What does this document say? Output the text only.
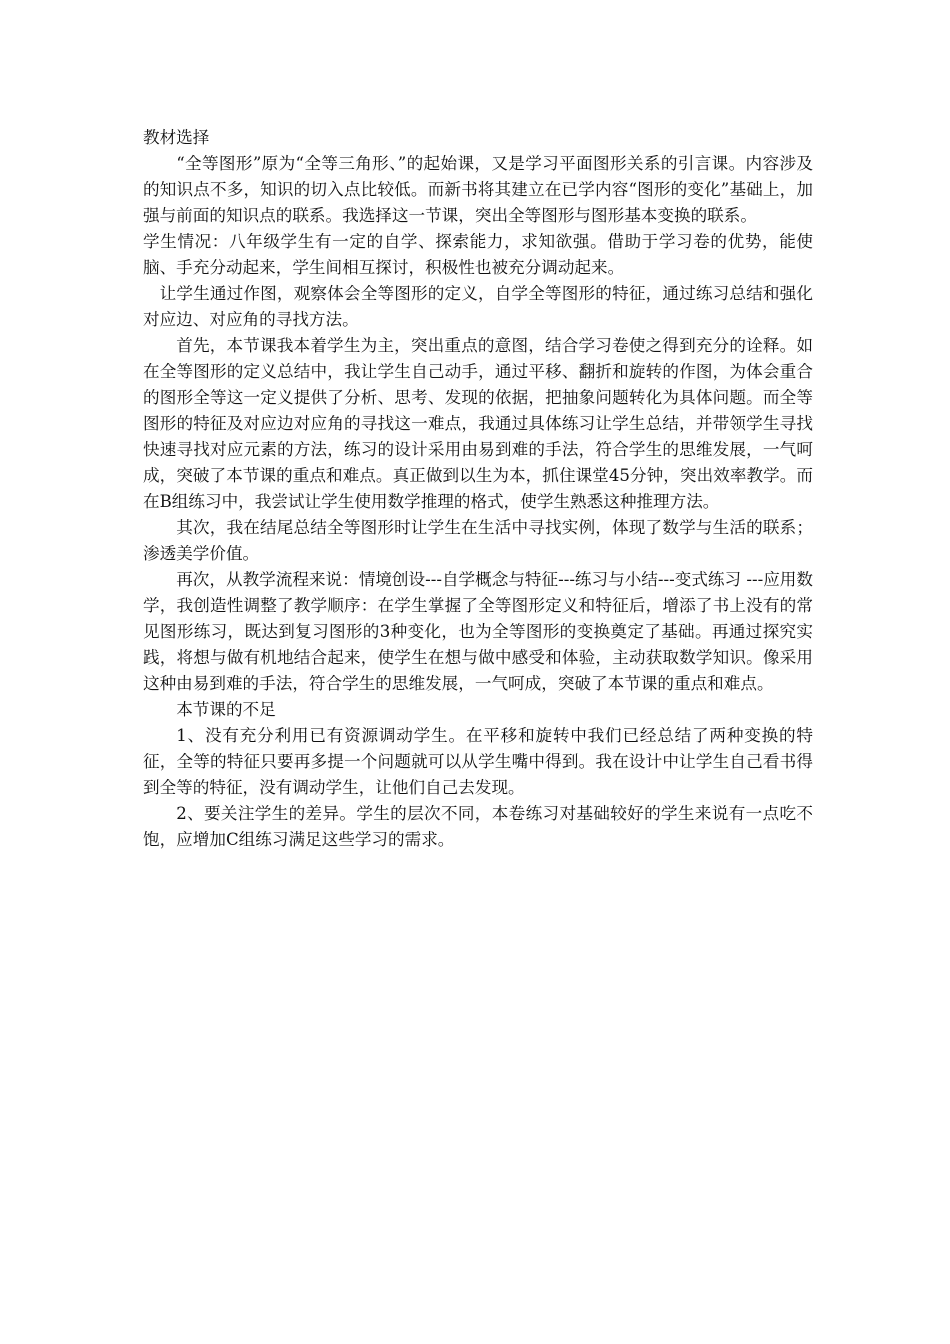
教材选择

“全等图形”原为“全等三角形、”的起始课，又是学习平面图形关系的引言课。内容涉及的知识点不多，知识的切入点比较低。而新书将其建立在已学内容“图形的变化”基础上，加强与前面的知识点的联系。我选择这一节课，突出全等图形与图形基本变换的联系。

学生情况：八年级学生有一定的自学、探索能力，求知欲强。借助于学习卷的优势，能使脑、手充分动起来，学生间相互探讨，积极性也被充分调动起来。

让学生通过作图，观察体会全等图形的定义，自学全等图形的特征，通过练习总结和强化对应边、对应角的寻找方法。

首先，本节课我本着学生为主，突出重点的意图，结合学习卷使之得到充分的诠释。如在全等图形的定义总结中，我让学生自己动手，通过平移、翻折和旋转的作图，为体会重合的图形全等这一定义提供了分析、思考、发现的依据，把抽象问题转化为具体问题。而全等图形的特征及对应边对应角的寻找这一难点，我通过具体练习让学生总结，并带领学生寻找快速寻找对应元素的方法，练习的设计采用由易到难的手法，符合学生的思维发展，一气呵成，突破了本节课的重点和难点。真正做到以生为本，抓住课堂45分钟，突出效率教学。而在B组练习中，我尝试让学生使用数学推理的格式，使学生熟悉这种推理方法。

其次，我在结尾总结全等图形时让学生在生活中寻找实例，体现了数学与生活的联系；渗透美学价值。

再次，从教学流程来说：情境创设---自学概念与特征---练习与小结---变式练习 ---应用数学，我创造性调整了教学顺序：在学生掌握了全等图形定义和特征后，增添了书上没有的常见图形练习，既达到复习图形的3种变化，也为全等图形的变换奠定了基础。再通过探究实践，将想与做有机地结合起来，使学生在想与做中感受和体验，主动获取数学知识。像采用这种由易到难的手法，符合学生的思维发展，一气呵成，突破了本节课的重点和难点。

本节课的不足

1、没有充分利用已有资源调动学生。在平移和旋转中我们已经总结了两种变换的特征，全等的特征只要再多提一个问题就可以从学生嘴中得到。我在设计中让学生自己看书得到全等的特征，没有调动学生，让他们自己去发现。

2、要关注学生的差异。学生的层次不同，本卷练习对基础较好的学生来说有一点吃不饱，应增加C组练习满足这些学习的需求。
